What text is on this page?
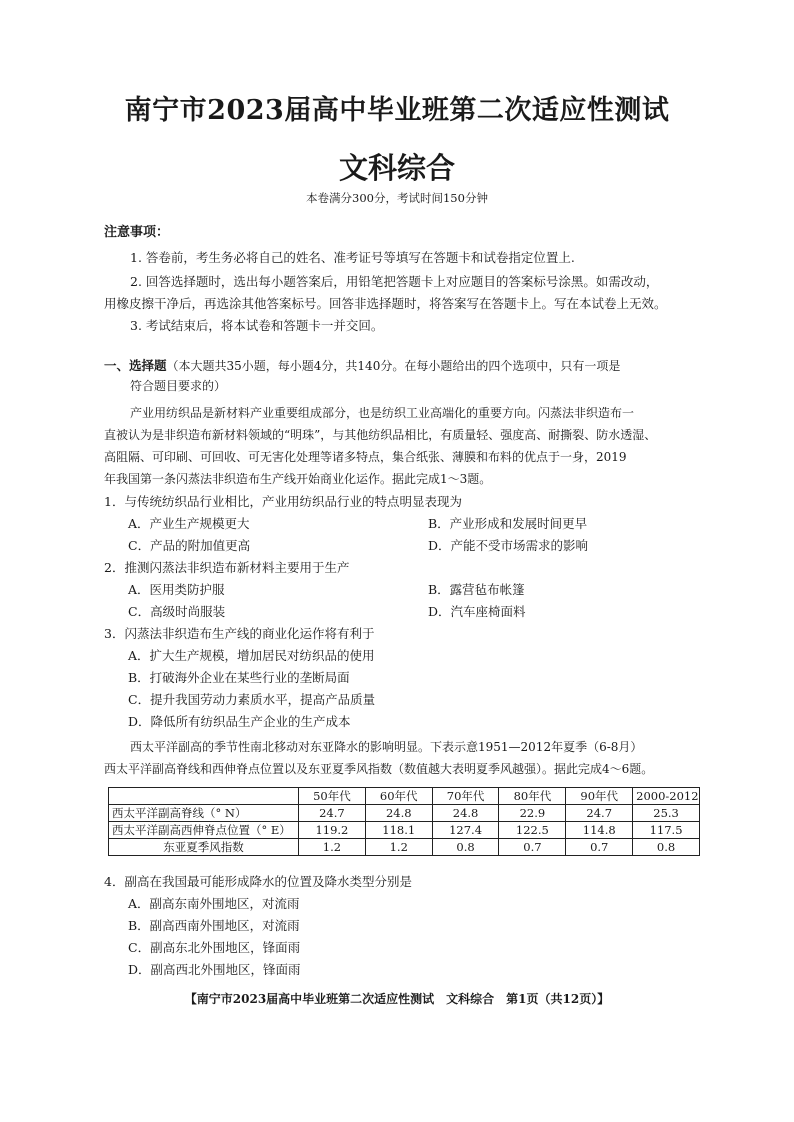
南宁市2023届高中毕业班第二次适应性测试
文科综合
本卷满分300分，考试时间150分钟
注意事项：
1. 答卷前，考生务必将自己的姓名、准考证号等填写在答题卡和试卷指定位置上.
2. 回答选择题时，选出每小题答案后，用铅笔把答题卡上对应题目的答案标号涂黑。如需改动，
用橡皮擦干净后，再选涂其他答案标号。回答非选择题时，将答案写在答题卡上。写在本试卷上无效。
3. 考试结束后，将本试卷和答题卡一并交回。
一、选择题（本大题共35小题，每小题4分，共140分。在每小题给出的四个选项中，只有一项是
符合题目要求的）
产业用纺织品是新材料产业重要组成部分，也是纺织工业高端化的重要方向。闪蒸法非织造布一
直被认为是非织造布新材料领域的“明珠”，与其他纺织品相比，有质量轻、强度高、耐撕裂、防水透湿、
高阻隔、可印刷、可回收、可无害化处理等诸多特点，集合纸张、薄膜和布料的优点于一身，2019
年我国第一条闪蒸法非织造布生产线开始商业化运作。据此完成1～3题。
1．与传统纺织品行业相比，产业用纺织品行业的特点明显表现为
A．产业生产规模更大	B．产业形成和发展时间更早
C．产品的附加值更高	D．产能不受市场需求的影响
2．推测闪蒸法非织造布新材料主要用于生产
A．医用类防护服	B．露营毡布帐篷
C．高级时尚服装	D．汽车座椅面料
3．闪蒸法非织造布生产线的商业化运作将有利于
A．扩大生产规模，增加居民对纺织品的使用
B．打破海外企业在某些行业的垄断局面
C．提升我国劳动力素质水平，提高产品质量
D．降低所有纺织品生产企业的生产成本
西太平洋副高的季节性南北移动对东亚降水的影响明显。下表示意1951—2012年夏季（6-8月）
西太平洋副高脊线和西伸脊点位置以及东亚夏季风指数（数值越大表明夏季风越强）。据此完成4～6题。
	50年代	60年代	70年代	80年代	90年代	2000-2012
西太平洋副高脊线（° N）	24.7	24.8	24.8	22.9	24.7	25.3
西太平洋副高西伸脊点位置（° E）	119.2	118.1	127.4	122.5	114.8	117.5
东亚夏季风指数	1.2	1.2	0.8	0.7	0.7	0.8
4．副高在我国最可能形成降水的位置及降水类型分别是
A．副高东南外围地区，对流雨
B．副高西南外围地区，对流雨
C．副高东北外围地区，锋面雨
D．副高西北外围地区，锋面雨
【南宁市2023届高中毕业班第二次适应性测试　文科综合　第1页（共12页）】
